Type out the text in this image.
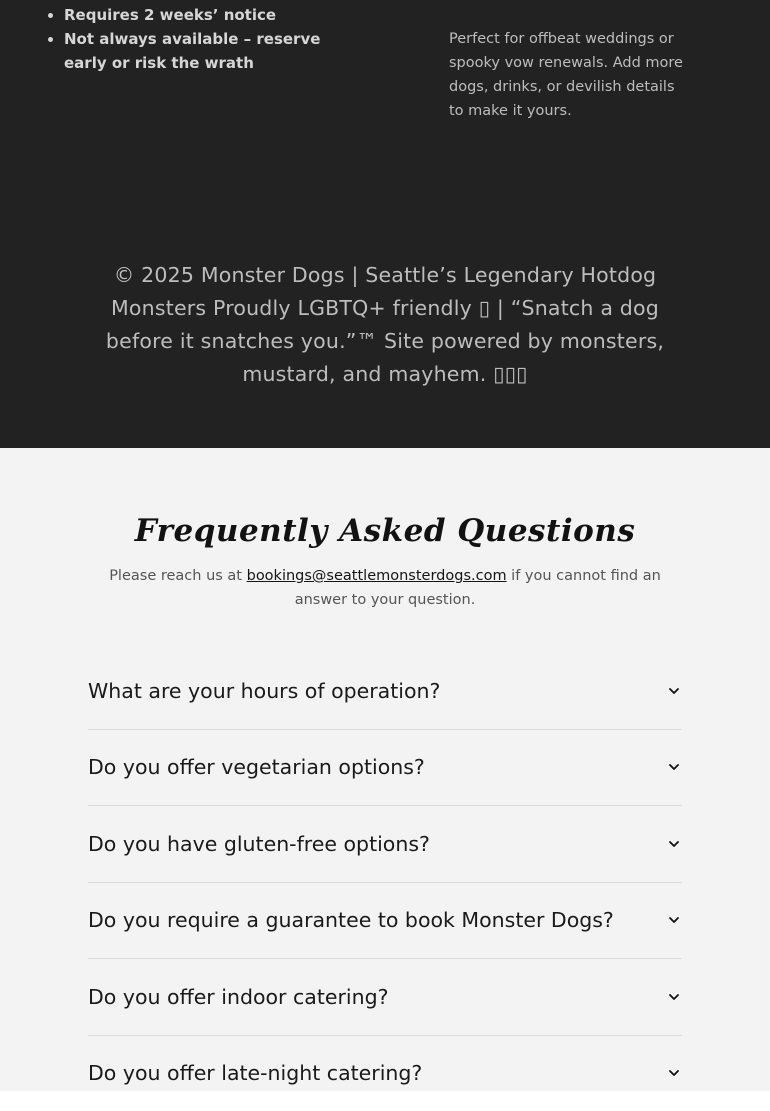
• Requires 2 weeks’ notice
• Not always available – reserve early or risk the wrath

Perfect for offbeat weddings or spooky vow renewals. Add more dogs, drinks, or devilish details to make it yours.

© 2025 Monster Dogs | Seattle’s Legendary Hotdog Monsters Proudly LGBTQ+ friendly ▯ | “Snatch a dog before it snatches you.”™ Site powered by monsters, mustard, and mayhem. ▯▯▯

Frequently Asked Questions

Please reach us at bookings@seattlemonsterdogs.com if you cannot find an answer to your question.

What are your hours of operation?
Do you offer vegetarian options?
Do you have gluten-free options?
Do you require a guarantee to book Monster Dogs?
Do you offer indoor catering?
Do you offer late-night catering?
